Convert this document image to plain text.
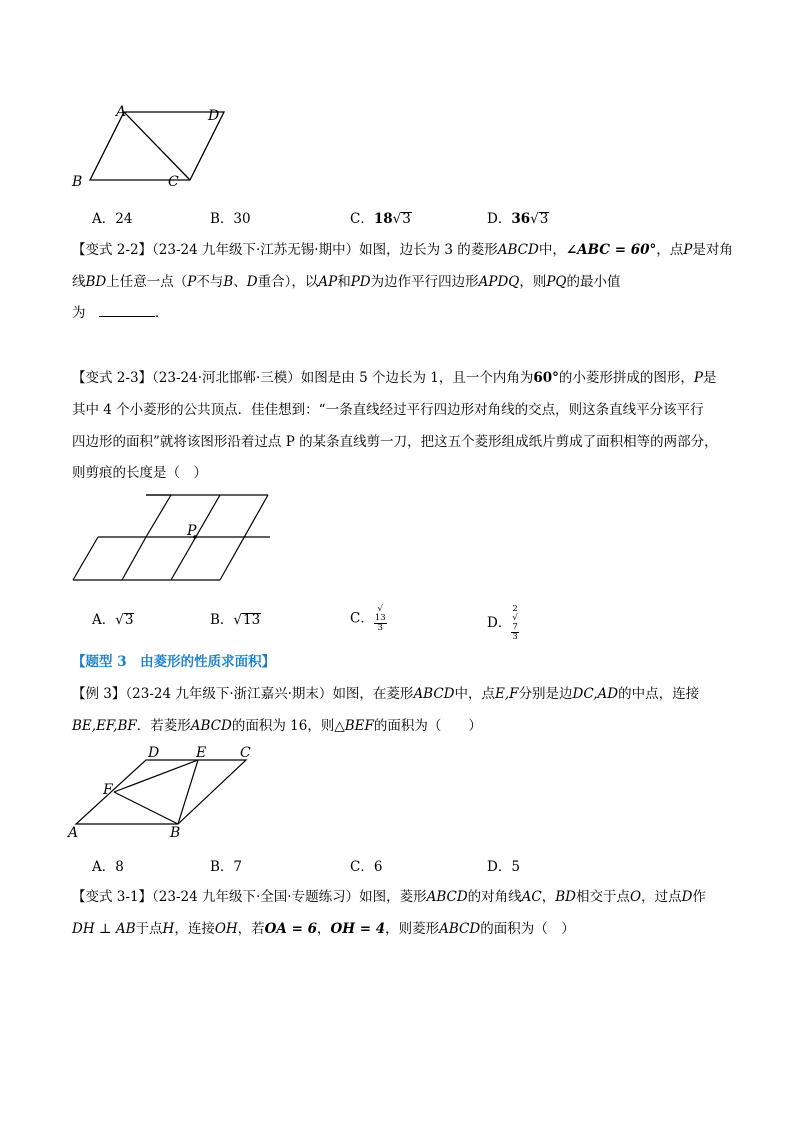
A	D
B	C
A．24	B．30	C．18√3	D．36√3
【变式 2-2】（23-24 九年级下·江苏无锡·期中）如图，边长为 3 的菱形ABCD中，∠ABC = 60°，点P是对角
线BD上任意一点（P不与B、D重合），以AP和PD为边作平行四边形APDQ，则PQ的最小值
为　	．
【变式 2-3】（23-24·河北邯郸·三模）如图是由 5 个边长为 1，且一个内角为60°的小菱形拼成的图形，P是
其中 4 个小菱形的公共顶点．佳佳想到：“一条直线经过平行四边形对角线的交点，则这条直线平分该平行
四边形的面积”就将该图形沿着过点 P 的某条直线剪一刀，把这五个菱形组成纸片剪成了面积相等的两部分，
则剪痕的长度是（　）
P
A．√3	B．√13	C． √
13
3	D． 2
√
7
3
【题型 3　由菱形的性质求面积】
【例 3】（23-24 九年级下·浙江嘉兴·期末）如图，在菱形ABCD中，点E,F分别是边DC,AD的中点，连接
BE,EF,BF．若菱形ABCD的面积为 16，则△BEF的面积为（　　）
A	B
C
D	E
F
A．8	B．7	C．6	D．5
【变式 3-1】（23-24 九年级下·全国·专题练习）如图，菱形ABCD的对角线AC，BD相交于点O，过点D作
DH ⊥ AB于点H，连接OH，若OA = 6，OH = 4，则菱形ABCD的面积为（　）
